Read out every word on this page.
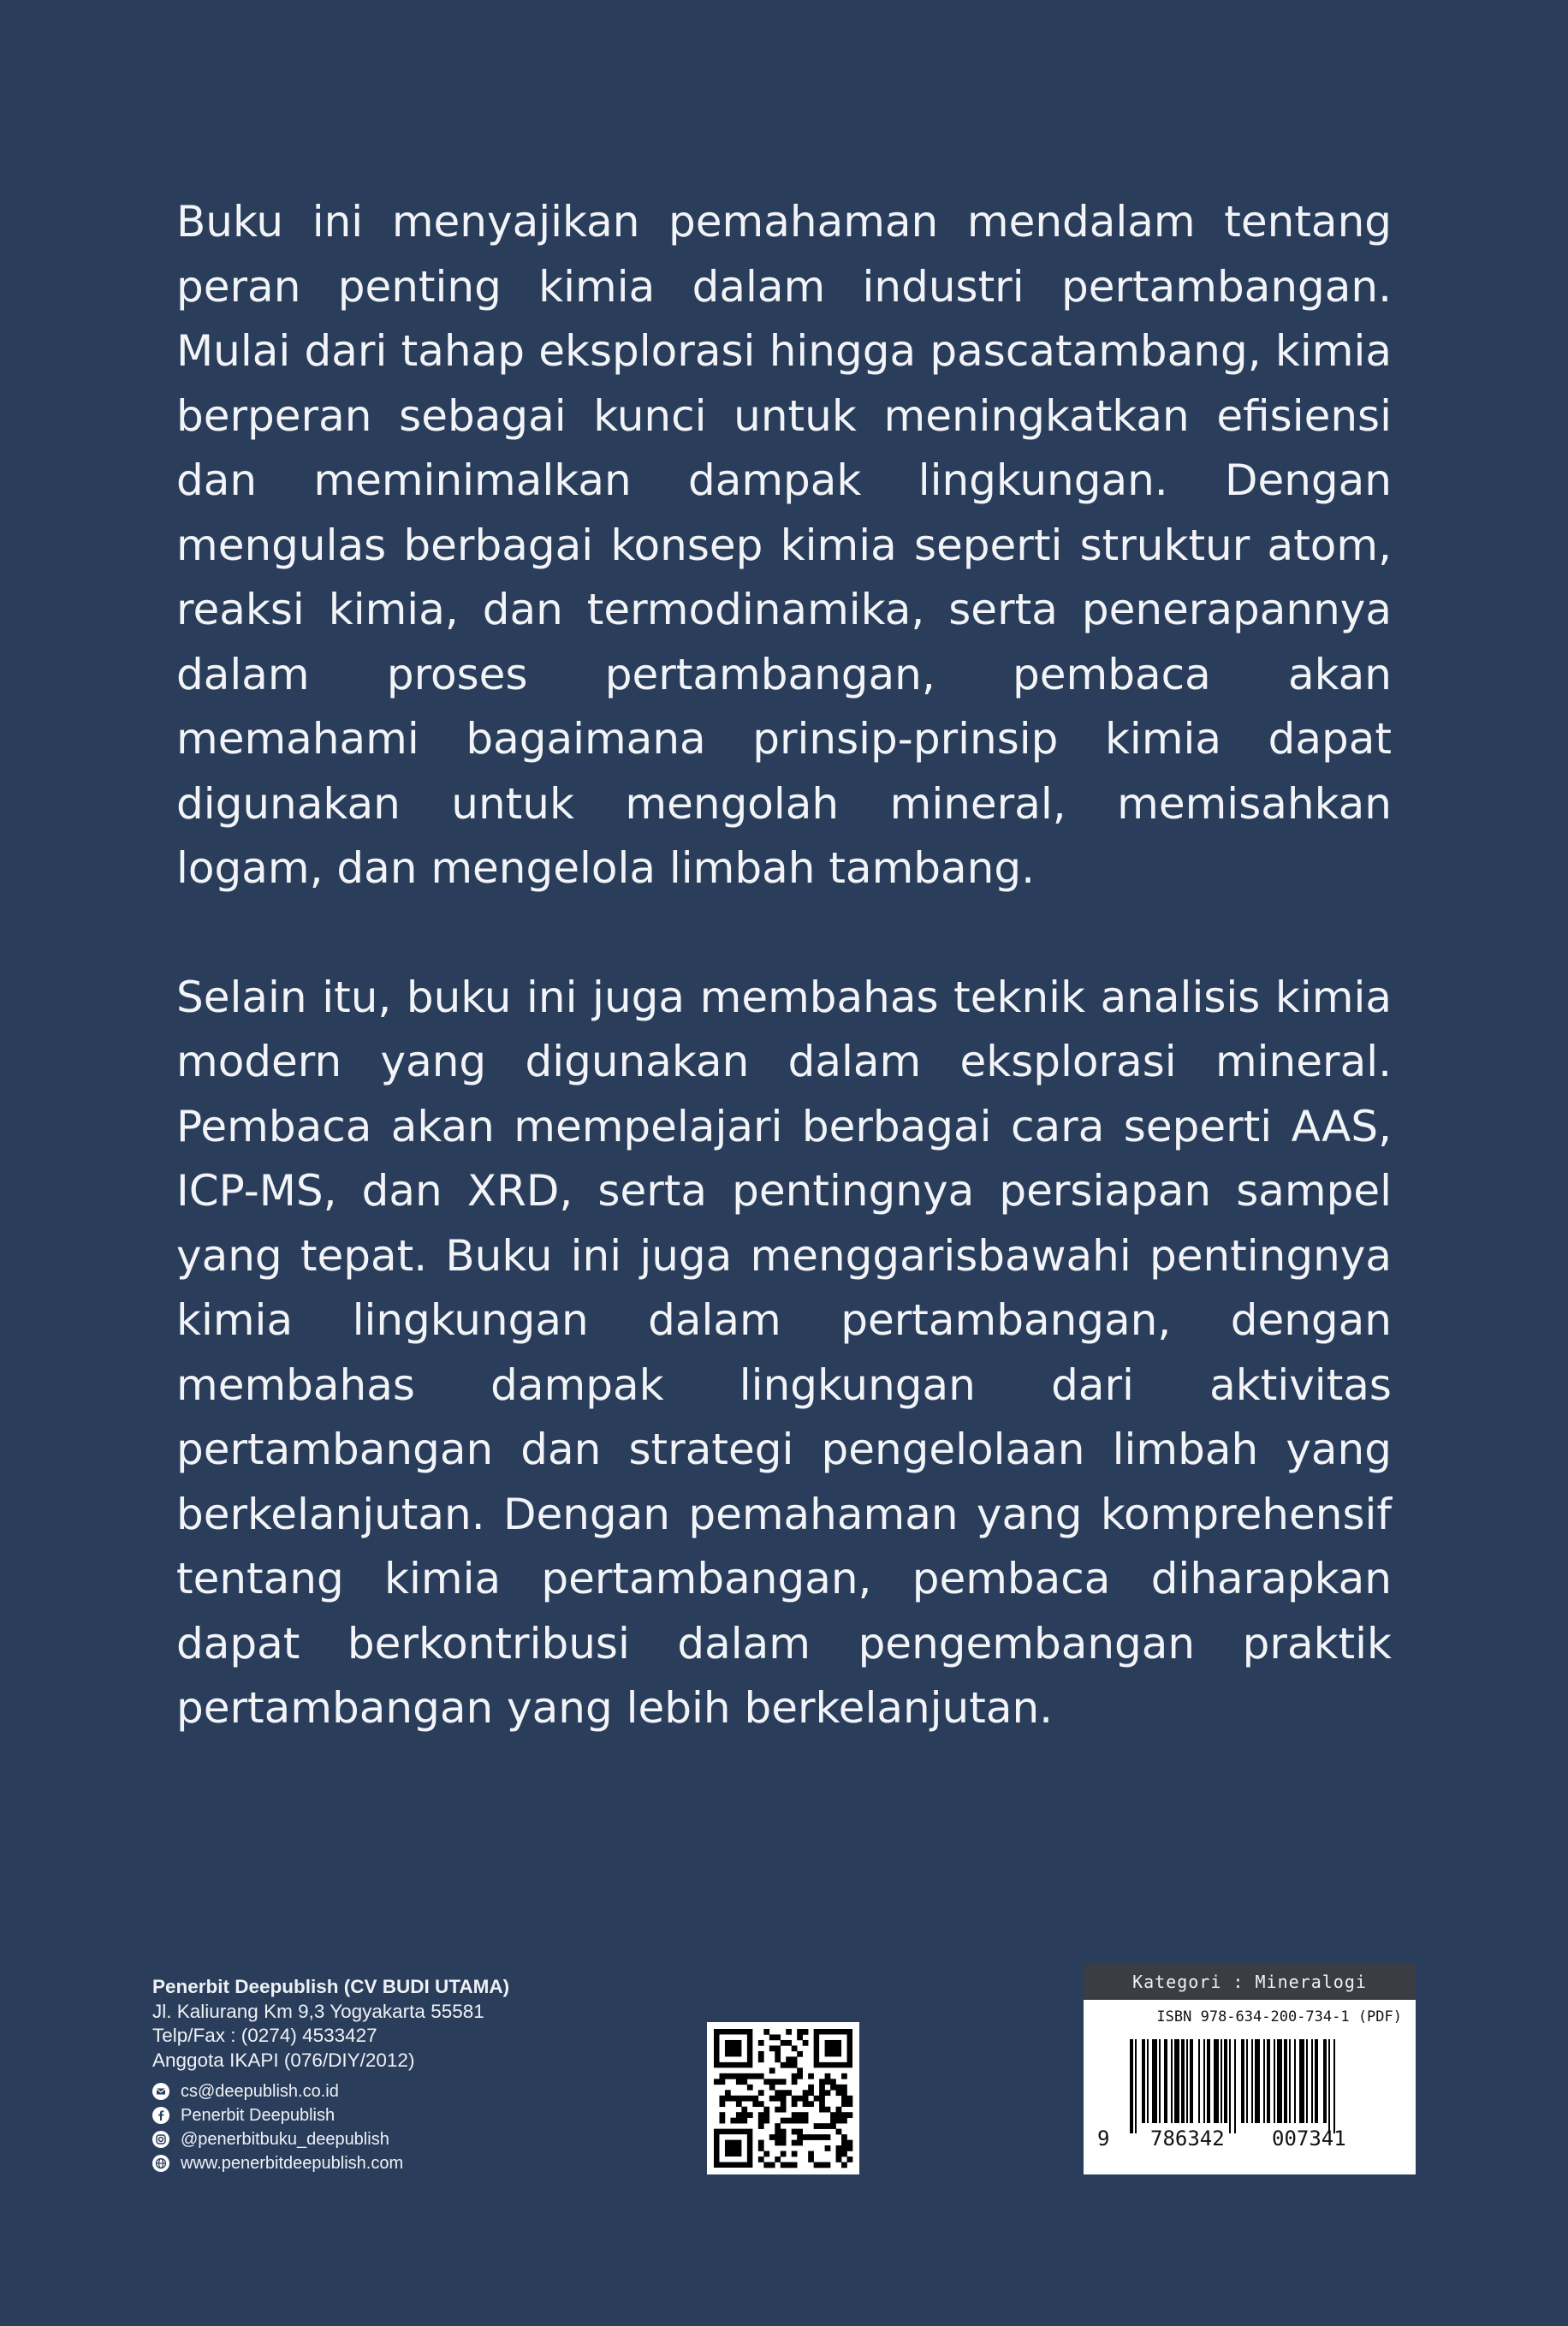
Buku ini menyajikan pemahaman mendalam tentang peran penting kimia dalam industri pertambangan. Mulai dari tahap eksplorasi hingga pascatambang, kimia berperan sebagai kunci untuk meningkatkan efisiensi dan meminimalkan dampak lingkungan. Dengan mengulas berbagai konsep kimia seperti struktur atom, reaksi kimia, dan termodinamika, serta penerapannya dalam proses pertambangan, pembaca akan memahami bagaimana prinsip-prinsip kimia dapat digunakan untuk mengolah mineral, memisahkan logam, dan mengelola limbah tambang.

Selain itu, buku ini juga membahas teknik analisis kimia modern yang digunakan dalam eksplorasi mineral. Pembaca akan mempelajari berbagai cara seperti AAS, ICP-MS, dan XRD, serta pentingnya persiapan sampel yang tepat. Buku ini juga menggarisbawahi pentingnya kimia lingkungan dalam pertambangan, dengan membahas dampak lingkungan dari aktivitas pertambangan dan strategi pengelolaan limbah yang berkelanjutan. Dengan pemahaman yang komprehensif tentang kimia pertambangan, pembaca diharapkan dapat berkontribusi dalam pengembangan praktik pertambangan yang lebih berkelanjutan.

Penerbit Deepublish (CV BUDI UTAMA)
Jl. Kaliurang Km 9,3 Yogyakarta 55581
Telp/Fax : (0274) 4533427
Anggota IKAPI (076/DIY/2012)
cs@deepublish.co.id
Penerbit Deepublish
@penerbitbuku_deepublish
www.penerbitdeepublish.com
Kategori : Mineralogi
ISBN 978-634-200-734-1 (PDF)
9 786342 007341
